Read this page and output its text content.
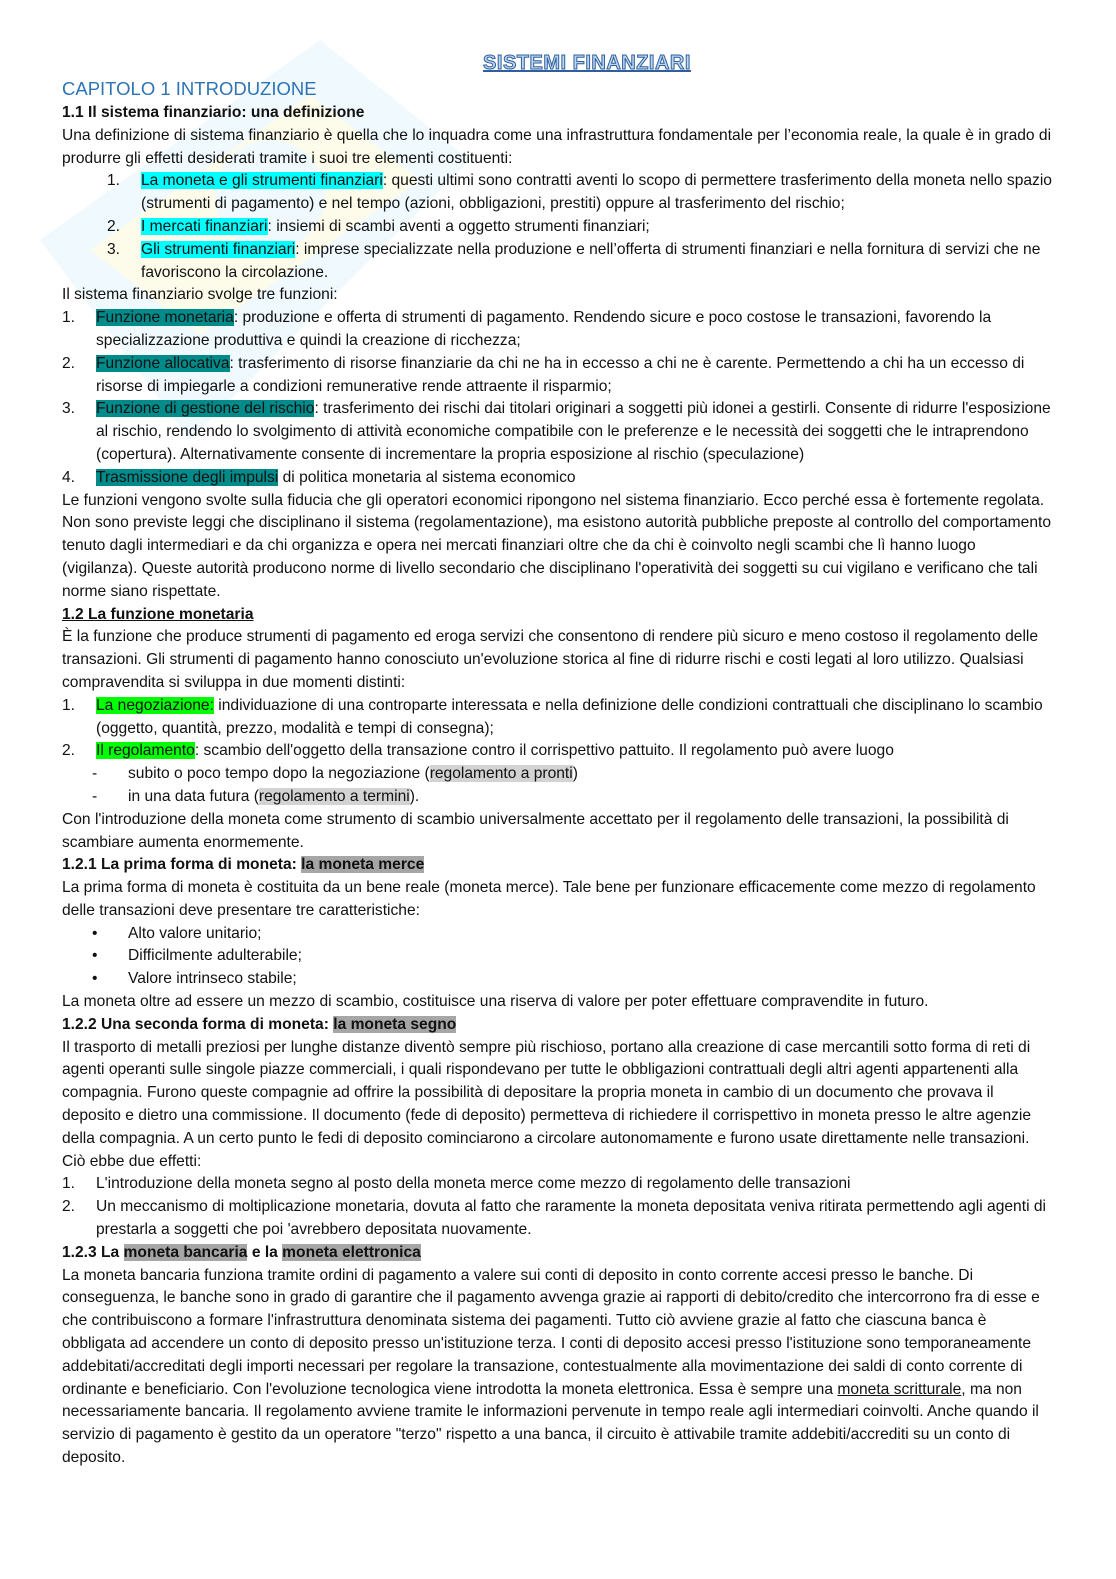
SISTEMI FINANZIARI
CAPITOLO 1 INTRODUZIONE
1.1 Il sistema finanziario: una definizione

Una definizione di sistema finanziario è quella che lo inquadra come una infrastruttura fondamentale per l’economia reale, la quale è in grado di produrre gli effetti desiderati tramite i suoi tre elementi costituenti:

1.	La moneta e gli strumenti finanziari: questi ultimi sono contratti aventi lo scopo di permettere trasferimento della moneta nello spazio (strumenti di pagamento) e nel tempo (azioni, obbligazioni, prestiti) oppure al trasferimento del rischio;
2.	I mercati finanziari: insiemi di scambi aventi a oggetto strumenti finanziari;
3.	Gli strumenti finanziari: imprese specializzate nella produzione e nell’offerta di strumenti finanziari e nella fornitura di servizi che ne favoriscono la circolazione.

Il sistema finanziario svolge tre funzioni:

1.	Funzione monetaria: produzione e offerta di strumenti di pagamento. Rendendo sicure e poco costose le transazioni, favorendo la specializzazione produttiva e quindi la creazione di ricchezza;
2.	Funzione allocativa: trasferimento di risorse finanziarie da chi ne ha in eccesso a chi ne è carente. Permettendo a chi ha un eccesso di risorse di impiegarle a condizioni remunerative rende attraente il risparmio;
3.	Funzione di gestione del rischio: trasferimento dei rischi dai titolari originari a soggetti più idonei a gestirli. Consente di ridurre l'esposizione al rischio, rendendo lo svolgimento di attività economiche compatibile con le preferenze e le necessità dei soggetti che le intraprendono (copertura). Alternativamente consente di incrementare la propria esposizione al rischio (speculazione)
4.	Trasmissione degli impulsi di politica monetaria al sistema economico

Le funzioni vengono svolte sulla fiducia che gli operatori economici ripongono nel sistema finanziario. Ecco perché essa è fortemente regolata. Non sono previste leggi che disciplinano il sistema (regolamentazione), ma esistono autorità pubbliche preposte al controllo del comportamento tenuto dagli intermediari e da chi organizza e opera nei mercati finanziari oltre che da chi è coinvolto negli scambi che lì hanno luogo (vigilanza). Queste autorità producono norme di livello secondario che disciplinano l'operatività dei soggetti su cui vigilano e verificano che tali norme siano rispettate.

1.2 La funzione monetaria

È la funzione che produce strumenti di pagamento ed eroga servizi che consentono di rendere più sicuro e meno costoso il regolamento delle transazioni. Gli strumenti di pagamento hanno conosciuto un'evoluzione storica al fine di ridurre rischi e costi legati al loro utilizzo. Qualsiasi compravendita si sviluppa in due momenti distinti:

1.	La negoziazione: individuazione di una controparte interessata e nella definizione delle condizioni contrattuali che disciplinano lo scambio (oggetto, quantità, prezzo, modalità e tempi di consegna);
2.	Il regolamento: scambio dell'oggetto della transazione contro il corrispettivo pattuito. Il regolamento può avere luogo
-	subito o poco tempo dopo la negoziazione (regolamento a pronti)
-	in una data futura (regolamento a termini).

Con l'introduzione della moneta come strumento di scambio universalmente accettato per il regolamento delle transazioni, la possibilità di scambiare aumenta enormemente.

1.2.1 La prima forma di moneta: la moneta merce

La prima forma di moneta è costituita da un bene reale (moneta merce). Tale bene per funzionare efficacemente come mezzo di regolamento delle transazioni deve presentare tre caratteristiche:

•	Alto valore unitario;
•	Difficilmente adulterabile;
•	Valore intrinseco stabile;

La moneta oltre ad essere un mezzo di scambio, costituisce una riserva di valore per poter effettuare compravendite in futuro.

1.2.2 Una seconda forma di moneta: la moneta segno

Il trasporto di metalli preziosi per lunghe distanze diventò sempre più rischioso, portano alla creazione di case mercantili sotto forma di reti di agenti operanti sulle singole piazze commerciali, i quali rispondevano per tutte le obbligazioni contrattuali degli altri agenti appartenenti alla compagnia. Furono queste compagnie ad offrire la possibilità di depositare la propria moneta in cambio di un documento che provava il deposito e dietro una commissione. Il documento (fede di deposito) permetteva di richiedere il corrispettivo in moneta presso le altre agenzie della compagnia. A un certo punto le fedi di deposito cominciarono a circolare autonomamente e furono usate direttamente nelle transazioni. Ciò ebbe due effetti:

1.	L'introduzione della moneta segno al posto della moneta merce come mezzo di regolamento delle transazioni
2.	Un meccanismo di moltiplicazione monetaria, dovuta al fatto che raramente la moneta depositata veniva ritirata permettendo agli agenti di prestarla a soggetti che poi 'avrebbero depositata nuovamente.
1.2.3 La moneta bancaria e la moneta elettronica

La moneta bancaria funziona tramite ordini di pagamento a valere sui conti di deposito in conto corrente accesi presso le banche. Di conseguenza, le banche sono in grado di garantire che il pagamento avvenga grazie ai rapporti di debito/credito che intercorrono fra di esse e che contribuiscono a formare l'infrastruttura denominata sistema dei pagamenti. Tutto ciò avviene grazie al fatto che ciascuna banca è obbligata ad accendere un conto di deposito presso un'istituzione terza. I conti di deposito accesi presso l'istituzione sono temporaneamente addebitati/accreditati degli importi necessari per regolare la transazione, contestualmente alla movimentazione dei saldi di conto corrente di ordinante e beneficiario. Con l'evoluzione tecnologica viene introdotta la moneta elettronica. Essa è sempre una moneta scritturale, ma non necessariamente bancaria. Il regolamento avviene tramite le informazioni pervenute in tempo reale agli intermediari coinvolti. Anche quando il servizio di pagamento è gestito da un operatore "terzo" rispetto a una banca, il circuito è attivabile tramite addebiti/accrediti su un conto di deposito.
